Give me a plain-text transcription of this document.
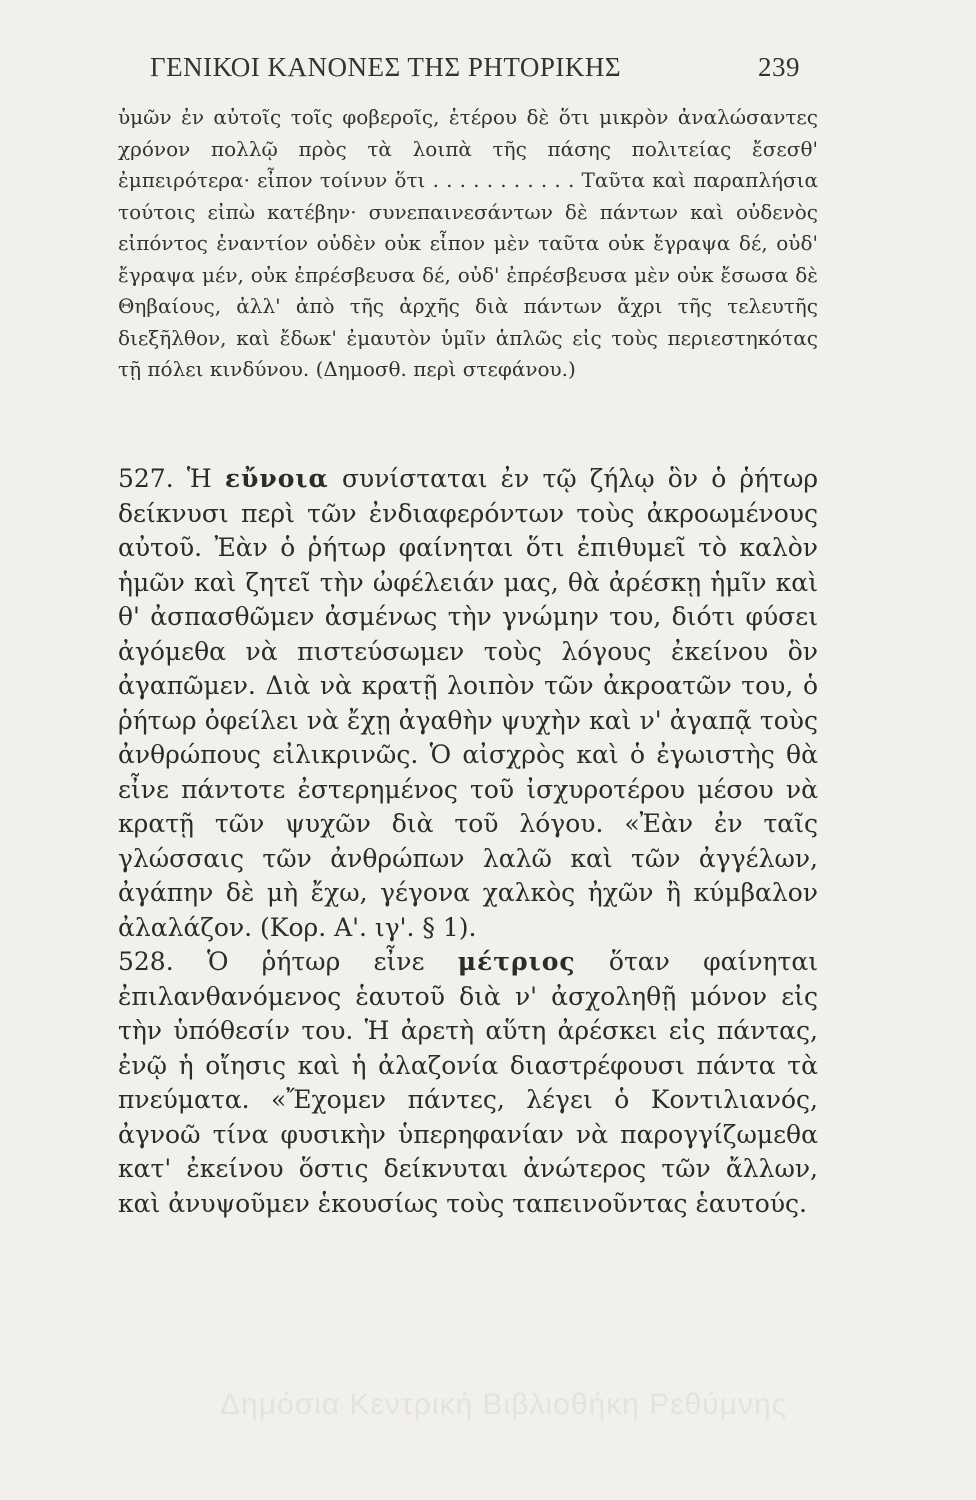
ΓΕΝΙΚΟΙ ΚΑΝΟΝΕΣ ΤΗΣ ΡΗΤΟΡΙΚΗΣ	239

ὑμῶν ἐν αὐτοῖς τοῖς φοβεροῖς, ἑτέρου δὲ ὅτι μικρὸν ἀναλώσαντες χρόνον πολλῷ πρὸς τὰ λοιπὰ τῆς πάσης πολιτείας ἔσεσθ' ἐμπειρότερα· εἶπον τοίνυν ὅτι . . . . . . . . . . . Ταῦτα καὶ παραπλήσια τούτοις εἰπὼ κατέβην· συνεπαινεσάντων δὲ πάντων καὶ οὐδενὸς εἰπόντος ἐναντίον οὐδὲν οὐκ εἶπον μὲν ταῦτα οὐκ ἔγραψα δέ, οὐδ' ἔγραψα μέν, οὐκ ἐπρέσβευσα δέ, οὐδ' ἐπρέσβευσα μὲν οὐκ ἔσωσα δὲ Θηβαίους, ἀλλ' ἀπὸ τῆς ἀρχῆς διὰ πάντων ἄχρι τῆς τελευτῆς διεξῆλθον, καὶ ἔδωκ' ἐμαυτὸν ὑμῖν ἁπλῶς εἰς τοὺς περιεστηκότας τῇ πόλει κινδύνου. (Δημοσθ. περὶ στεφάνου.)

527. Ἡ εὔνοια συνίσταται ἐν τῷ ζήλῳ ὃν ὁ ῥήτωρ δείκνυσι περὶ τῶν ἐνδιαφερόντων τοὺς ἀκροωμένους αὐτοῦ. Ἐὰν ὁ ῥήτωρ φαίνηται ὅτι ἐπιθυμεῖ τὸ καλὸν ἡμῶν καὶ ζητεῖ τὴν ὠφέλειάν μας, θὰ ἀρέσκῃ ἡμῖν καὶ θ' ἀσπασθῶμεν ἀσμένως τὴν γνώμην του, διότι φύσει ἀγόμεθα νὰ πιστεύσωμεν τοὺς λόγους ἐκείνου ὃν ἀγαπῶμεν. Διὰ νὰ κρατῇ λοιπὸν τῶν ἀκροατῶν του, ὁ ῥήτωρ ὀφείλει νὰ ἔχῃ ἀγαθὴν ψυχὴν καὶ ν' ἀγαπᾷ τοὺς ἀνθρώπους εἰλικρινῶς. Ὁ αἰσχρὸς καὶ ὁ ἐγωιστὴς θὰ εἶνε πάντοτε ἐστερημένος τοῦ ἰσχυροτέρου μέσου νὰ κρατῇ τῶν ψυχῶν διὰ τοῦ λόγου. «Ἐὰν ἐν ταῖς γλώσσαις τῶν ἀνθρώπων λαλῶ καὶ τῶν ἀγγέλων, ἀγάπην δὲ μὴ ἔχω, γέγονα χαλκὸς ἠχῶν ἢ κύμβαλον ἀλαλάζον. (Κορ. Α'. ιγ'. § 1).

528. Ὁ ῥήτωρ εἶνε μέτριος ὅταν φαίνηται ἐπιλανθανόμενος ἑαυτοῦ διὰ ν' ἀσχοληθῇ μόνον εἰς τὴν ὑπόθεσίν του. Ἡ ἀρετὴ αὕτη ἀρέσκει εἰς πάντας, ἐνῷ ἡ οἴησις καὶ ἡ ἀλαζονία διαστρέφουσι πάντα τὰ πνεύματα. «Ἔχομεν πάντες, λέγει ὁ Κοντιλιανός, ἀγνοῶ τίνα φυσικὴν ὑπερηφανίαν νὰ παρογγίζωμεθα κατ' ἐκείνου ὅστις δείκνυται ἀνώτερος τῶν ἄλλων, καὶ ἀνυψοῦμεν ἑκουσίως τοὺς ταπεινοῦντας ἑαυτούς.

Δημόσια Κεντρική Βιβλιοθήκη Ρεθύμνης
